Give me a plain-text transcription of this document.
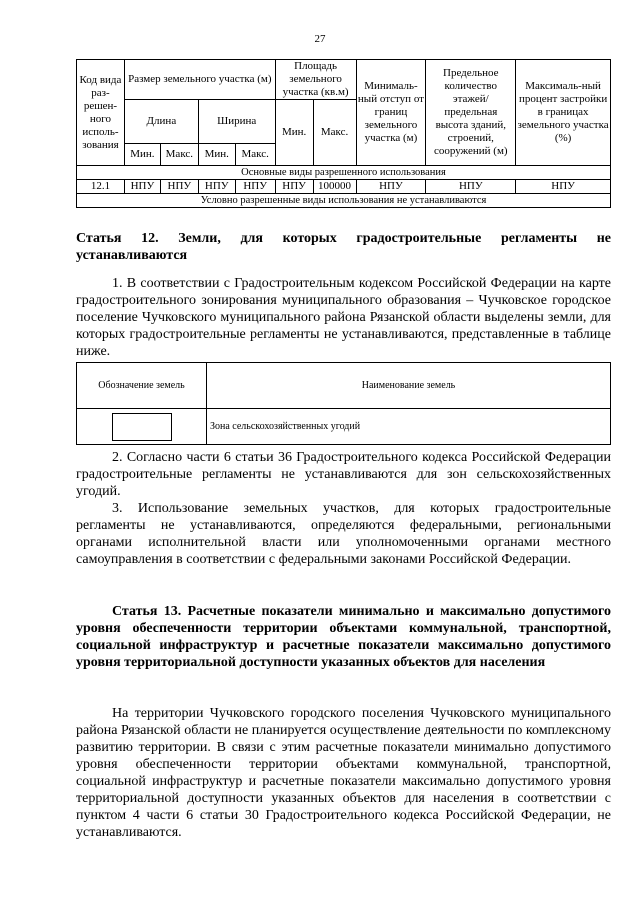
27
Код вида раз-решен-ного исполь-зования	Размер земельного участка (м)				Площадь земельного участка (кв.м)		Минималь-ный отступ от границ земельного участка (м)	Предельное количество этажей/ предельная высота зданий, строений, сооружений (м)	Максималь-ный процент застройки в границах земельного участка (%)
	Длина		Ширина		Мин.	Макс.			
	Мин.	Макс.	Мин.	Макс.					
Основные виды разрешенного использования									
12.1	НПУ	НПУ	НПУ	НПУ	НПУ	100000	НПУ	НПУ	НПУ
Условно разрешенные виды использования не устанавливаются									

Статья 12. Земли, для которых градостроительные регламенты не устанавливаются

1. В соответствии с Градостроительным кодексом Российской Федерации на карте градостроительного зонирования муниципального образования – Чучковское городское поселение Чучковского муниципального района Рязанской области выделены земли, для которых градостроительные регламенты не устанавливаются, представленные в таблице ниже.

Обозначение земель	Наименование земель

	Зона сельскохозяйственных угодий

2. Согласно части 6 статьи 36 Градостроительного кодекса Российской Федерации градостроительные регламенты не устанавливаются для зон сельскохозяйственных угодий.

3. Использование земельных участков, для которых градостроительные регламенты не устанавливаются, определяются федеральными, региональными органами исполнительной власти или уполномоченными органами местного самоуправления в соответствии с федеральными законами Российской Федерации.

Статья 13. Расчетные показатели минимально и максимально допустимого уровня обеспеченности территории объектами коммунальной, транспортной, социальной инфраструктур и расчетные показатели максимально допустимого уровня территориальной доступности указанных объектов для населения

На территории Чучковского городского поселения Чучковского муниципального района Рязанской области не планируется осуществление деятельности по комплексному развитию территории. В связи с этим расчетные показатели минимально допустимого уровня обеспеченности территории объектами коммунальной, транспортной, социальной инфраструктур и расчетные показатели максимально допустимого уровня территориальной доступности указанных объектов для населения в соответствии с пунктом 4 части 6 статьи 30 Градостроительного кодекса Российской Федерации, не устанавливаются.
